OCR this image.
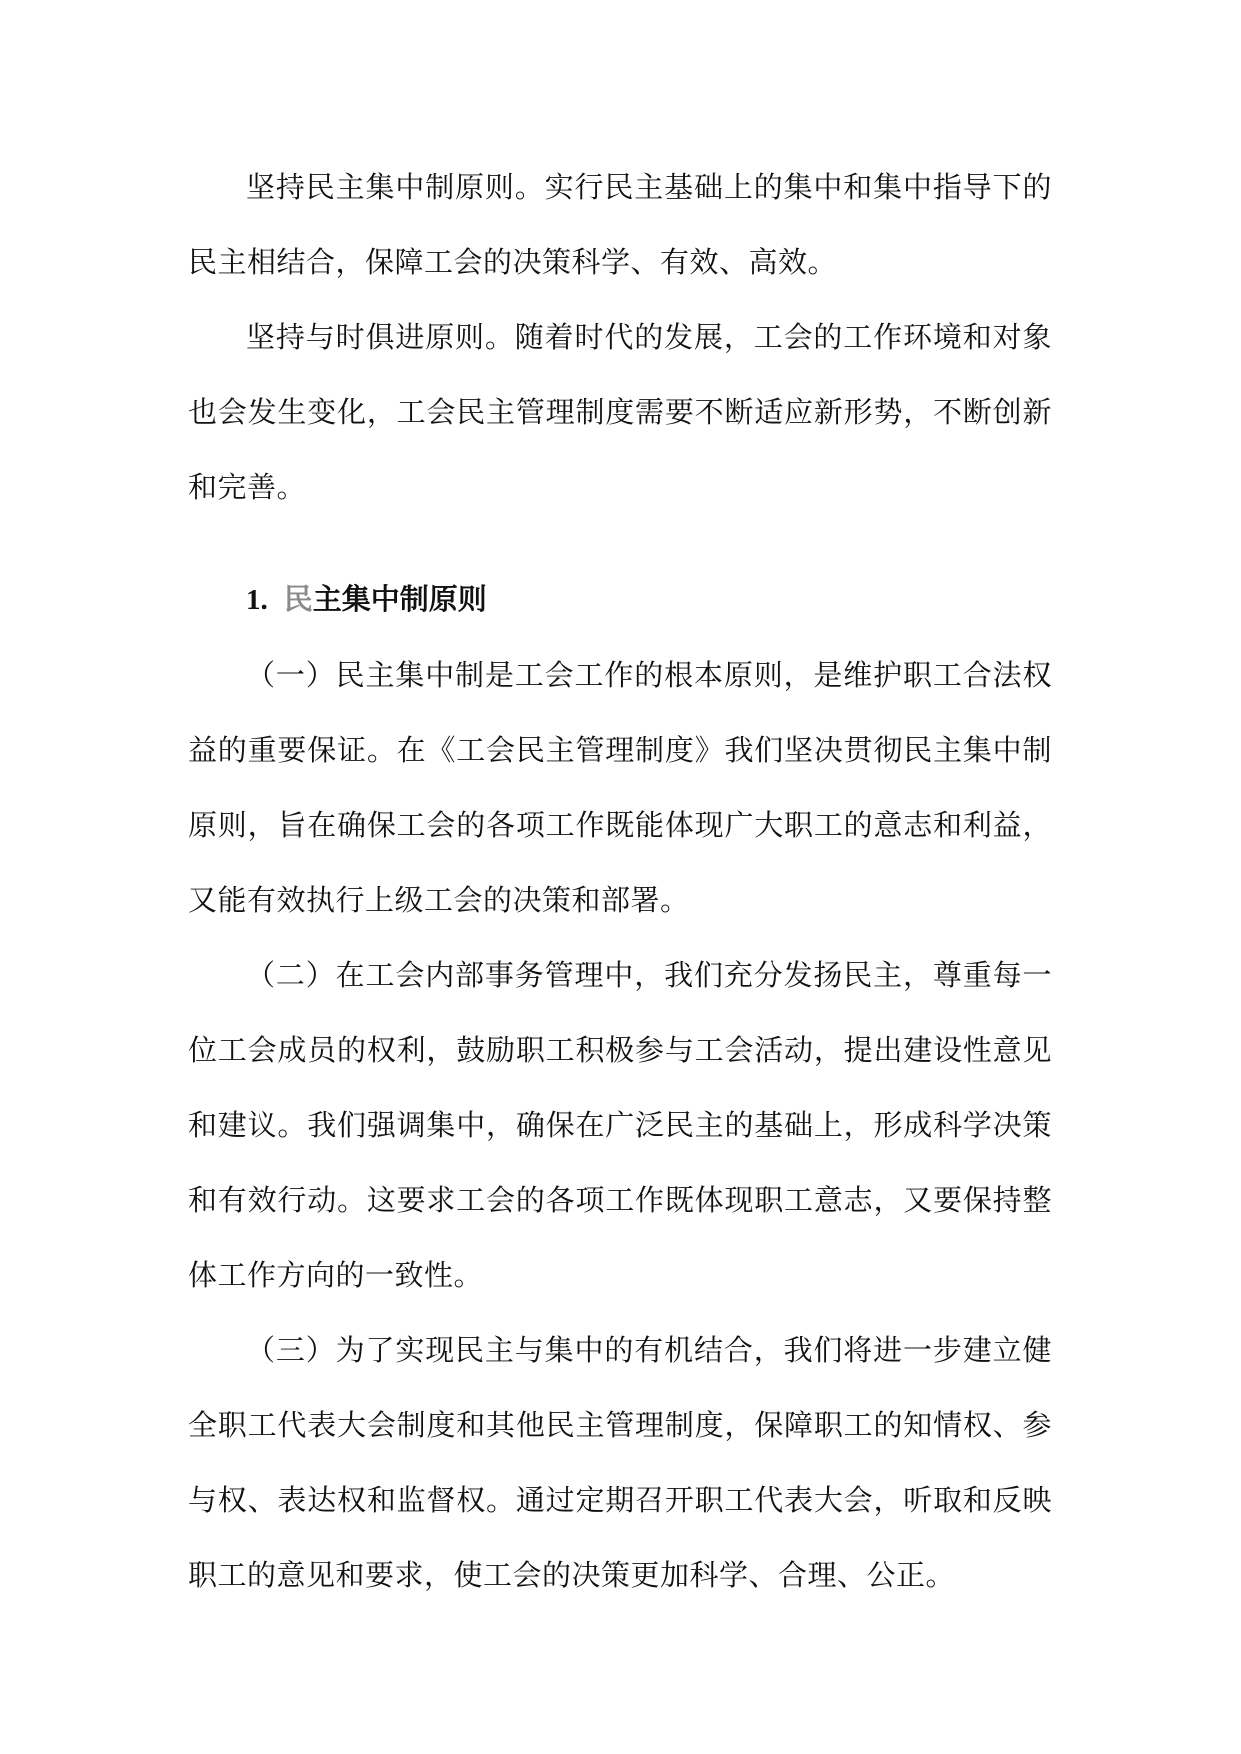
坚持民主集中制原则。实行民主基础上的集中和集中指导下的民主相结合，保障工会的决策科学、有效、高效。

坚持与时俱进原则。随着时代的发展，工会的工作环境和对象也会发生变化，工会民主管理制度需要不断适应新形势，不断创新和完善。

1. 民主集中制原则

（一）民主集中制是工会工作的根本原则，是维护职工合法权益的重要保证。在《工会民主管理制度》我们坚决贯彻民主集中制原则，旨在确保工会的各项工作既能体现广大职工的意志和利益，又能有效执行上级工会的决策和部署。

（二）在工会内部事务管理中，我们充分发扬民主，尊重每一位工会成员的权利，鼓励职工积极参与工会活动，提出建设性意见和建议。我们强调集中，确保在广泛民主的基础上，形成科学决策和有效行动。这要求工会的各项工作既体现职工意志，又要保持整体工作方向的一致性。

（三）为了实现民主与集中的有机结合，我们将进一步建立健全职工代表大会制度和其他民主管理制度，保障职工的知情权、参与权、表达权和监督权。通过定期召开职工代表大会，听取和反映职工的意见和要求，使工会的决策更加科学、合理、公正。
